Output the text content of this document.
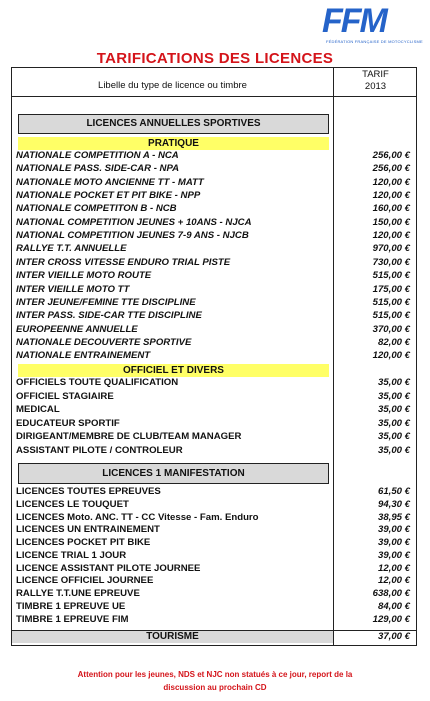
FFM
FÉDÉRATION FRANÇAISE DE MOTOCYCLISME
TARIFICATIONS DES LICENCES
Libelle du type de licence ou timbre
TARIF
2013
LICENCES ANNUELLES SPORTIVES
PRATIQUE
NATIONALE COMPETITION A - NCA	256,00 €
NATIONALE PASS. SIDE-CAR - NPA	256,00 €
NATIONALE MOTO ANCIENNE TT - MATT	120,00 €
NATIONALE POCKET ET PIT BIKE - NPP	120,00 €
NATIONALE COMPETITON B - NCB	160,00 €
NATIONAL COMPETITION JEUNES + 10ANS - NJCA	150,00 €
NATIONAL COMPETITION JEUNES 7-9 ANS - NJCB	120,00 €
RALLYE T.T. ANNUELLE	970,00 €
INTER CROSS VITESSE ENDURO TRIAL PISTE	730,00 €
INTER VIEILLE MOTO ROUTE	515,00 €
INTER VIEILLE MOTO TT	175,00 €
INTER JEUNE/FEMINE TTE DISCIPLINE	515,00 €
INTER PASS. SIDE-CAR TTE DISCIPLINE	515,00 €
EUROPEENNE ANNUELLE	370,00 €
NATIONALE DECOUVERTE SPORTIVE	82,00 €
NATIONALE ENTRAINEMENT	120,00 €
OFFICIEL ET DIVERS
OFFICIELS TOUTE QUALIFICATION	35,00 €
OFFICIEL STAGIAIRE	35,00 €
MEDICAL	35,00 €
EDUCATEUR SPORTIF	35,00 €
DIRIGEANT/MEMBRE DE CLUB/TEAM MANAGER	35,00 €
ASSISTANT PILOTE / CONTROLEUR	35,00 €
LICENCES 1 MANIFESTATION
LICENCES TOUTES EPREUVES	61,50 €
LICENCES LE TOUQUET	94,30 €
LICENCES Moto. ANC. TT - CC Vitesse - Fam. Enduro	38,95 €
LICENCES UN ENTRAINEMENT	39,00 €
LICENCES POCKET PIT BIKE	39,00 €
LICENCE TRIAL 1 JOUR	39,00 €
LICENCE ASSISTANT PILOTE JOURNEE	12,00 €
LICENCE OFFICIEL JOURNEE	12,00 €
RALLYE T.T.UNE EPREUVE	638,00 €
TIMBRE 1 EPREUVE UE	84,00 €
TIMBRE 1 EPREUVE FIM	129,00 €
TOURISME	37,00 €
Attention pour les jeunes, NDS et NJC non statués à ce jour, report de la
discussion au prochain CD
